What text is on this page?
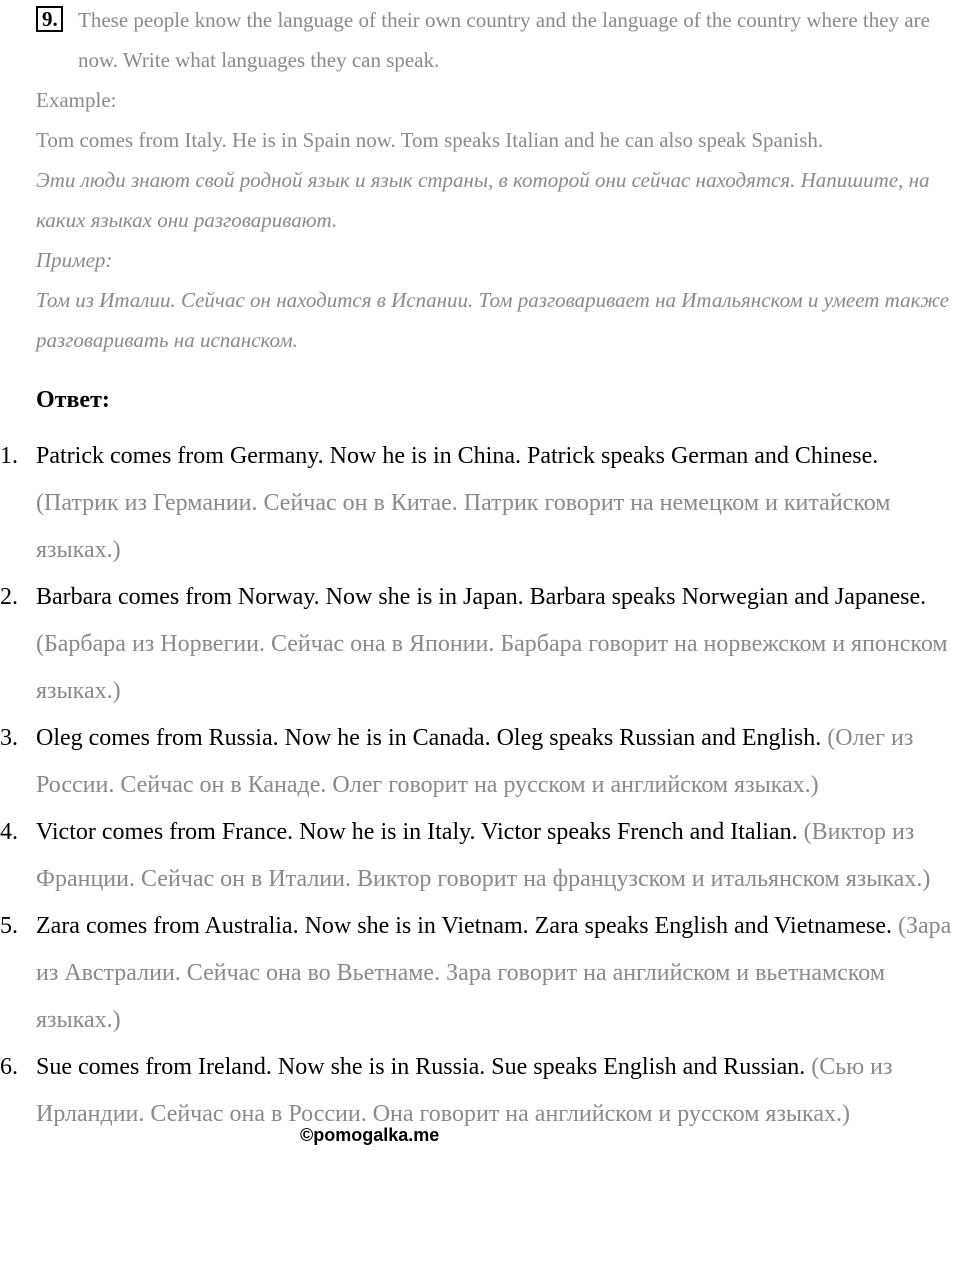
9. These people know the language of their own country and the language of the country where they are now. Write what languages they can speak.

Example:

Tom comes from Italy. He is in Spain now. Tom speaks Italian and he can also speak Spanish.

Эти люди знают свой родной язык и язык страны, в которой они сейчас находятся. Напишите, на каких языках они разговаривают.

Пример:

Том из Италии. Сейчас он находится в Испании. Том разговаривает на Итальянском и умеет также разговаривать на испанском.

Ответ:
1. Patrick comes from Germany. Now he is in China. Patrick speaks German and Chinese. (Патрик из Германии. Сейчас он в Китае. Патрик говорит на немецком и китайском языках.)
2. Barbara comes from Norway. Now she is in Japan. Barbara speaks Norwegian and Japanese. (Барбара из Норвегии. Сейчас она в Японии. Барбара говорит на норвежском и японском языках.)
3. Oleg comes from Russia. Now he is in Canada. Oleg speaks Russian and English. (Олег из России. Сейчас он в Канаде. Олег говорит на русском и английском языках.)
4. Victor comes from France. Now he is in Italy. Victor speaks French and Italian. (Виктор из Франции. Сейчас он в Италии. Виктор говорит на французском и итальянском языках.)
5. Zara comes from Australia. Now she is in Vietnam. Zara speaks English and Vietnamese. (Зара из Австралии. Сейчас она во Вьетнаме. Зара говорит на английском и вьетнамском языках.)
6. Sue comes from Ireland. Now she is in Russia. Sue speaks English and Russian. (Сью из Ирландии. Сейчас она в России. Она говорит на английском и русском языках.)
©pomogalka.me
